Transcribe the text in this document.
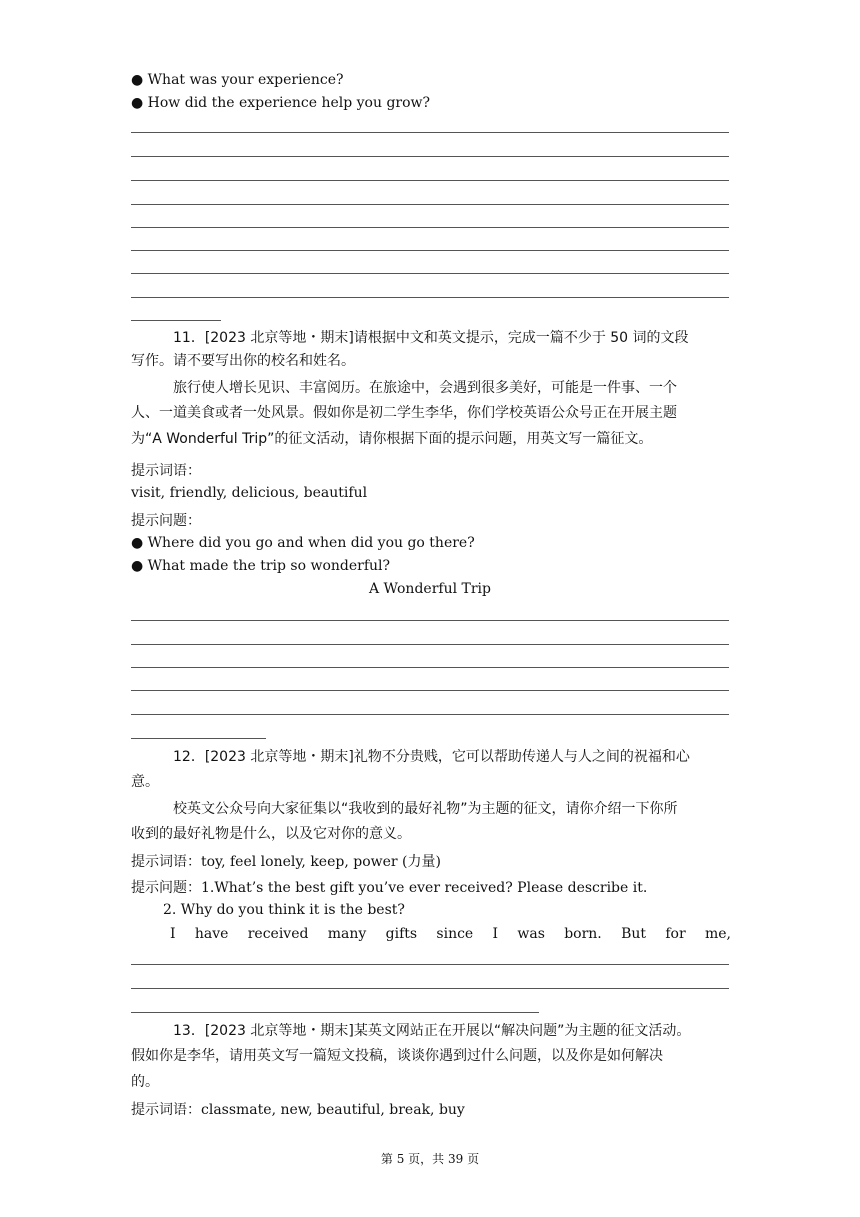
● What was your experience?
● How did the experience help you grow?
11．[2023 北京等地・期末]请根据中文和英文提示，完成一篇不少于 50 词的文段
写作。请不要写出你的校名和姓名。
旅行使人增长见识、丰富阅历。在旅途中，会遇到很多美好，可能是一件事、一个
人、一道美食或者一处风景。假如你是初二学生李华，你们学校英语公众号正在开展主题
为“A Wonderful Trip”的征文活动，请你根据下面的提示问题，用英文写一篇征文。
提示词语：
visit, friendly, delicious, beautiful
提示问题：
● Where did you go and when did you go there?
● What made the trip so wonderful?
A Wonderful Trip
12．[2023 北京等地・期末]礼物不分贵贱，它可以帮助传递人与人之间的祝福和心
意。
校英文公众号向大家征集以“我收到的最好礼物”为主题的征文，请你介绍一下你所
收到的最好礼物是什么，以及它对你的意义。
提示词语：toy, feel lonely, keep, power (力量)
提示问题：1.What’s the best gift you’ve ever received? Please describe it.
2. Why do you think it is the best?
I have received many gifts since I was born. But for me,
13．[2023 北京等地・期末]某英文网站正在开展以“解决问题”为主题的征文活动。
假如你是李华，请用英文写一篇短文投稿，谈谈你遇到过什么问题，以及你是如何解决
的。
提示词语：classmate, new, beautiful, break, buy
第 5 页，共 39 页
